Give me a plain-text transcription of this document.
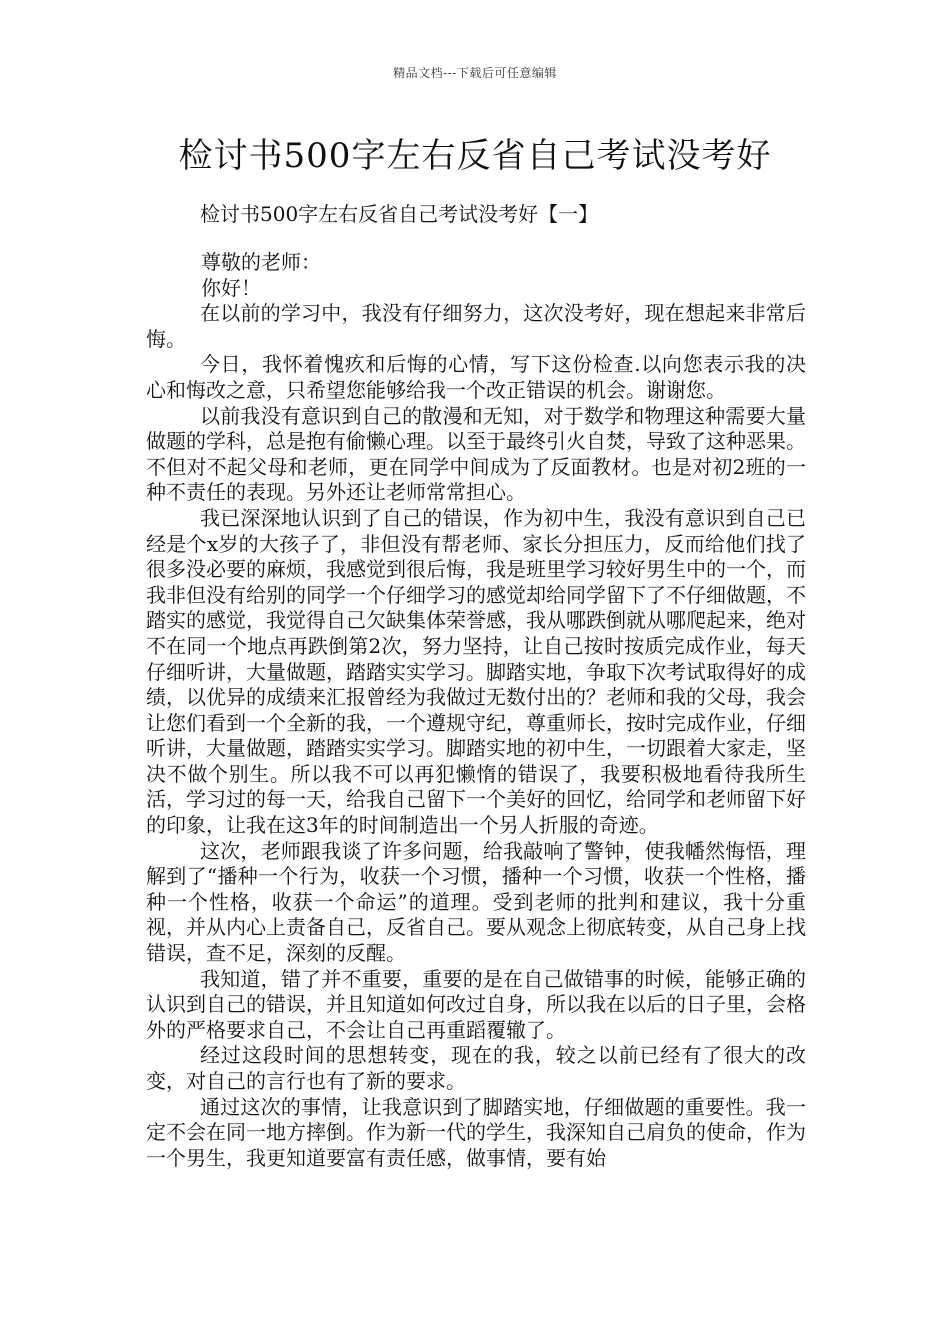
精品文档---下载后可任意编辑
检讨书500字左右反省自己考试没考好
检讨书500字左右反省自己考试没考好【一】

尊敬的老师：

你好！

在以前的学习中，我没有仔细努力，这次没考好，现在想起来非常后悔。

今日，我怀着愧疚和后悔的心情，写下这份检查.以向您表示我的决心和悔改之意，只希望您能够给我一个改正错误的机会。谢谢您。

以前我没有意识到自己的散漫和无知，对于数学和物理这种需要大量做题的学科，总是抱有偷懒心理。以至于最终引火自焚，导致了这种恶果。不但对不起父母和老师，更在同学中间成为了反面教材。也是对初2班的一种不责任的表现。另外还让老师常常担心。

我已深深地认识到了自己的错误，作为初中生，我没有意识到自己已经是个x岁的大孩子了，非但没有帮老师、家长分担压力，反而给他们找了很多没必要的麻烦，我感觉到很后悔，我是班里学习较好男生中的一个，而我非但没有给别的同学一个仔细学习的感觉却给同学留下了不仔细做题，不踏实的感觉，我觉得自己欠缺集体荣誉感，我从哪跌倒就从哪爬起来，绝对不在同一个地点再跌倒第2次，努力坚持，让自己按时按质完成作业，每天仔细听讲，大量做题，踏踏实实学习。脚踏实地，争取下次考试取得好的成绩，以优异的成绩来汇报曾经为我做过无数付出的？老师和我的父母，我会让您们看到一个全新的我，一个遵规守纪，尊重师长，按时完成作业，仔细听讲，大量做题，踏踏实实学习。脚踏实地的初中生，一切跟着大家走，坚决不做个别生。所以我不可以再犯懒惰的错误了，我要积极地看待我所生活，学习过的每一天，给我自己留下一个美好的回忆，给同学和老师留下好的印象，让我在这3年的时间制造出一个另人折服的奇迹。

这次，老师跟我谈了许多问题，给我敲响了警钟，使我幡然悔悟，理解到了“播种一个行为，收获一个习惯，播种一个习惯，收获一个性格，播种一个性格，收获一个命运”的道理。受到老师的批判和建议，我十分重视，并从内心上责备自己，反省自己。要从观念上彻底转变，从自己身上找错误，查不足，深刻的反醒。

我知道，错了并不重要，重要的是在自己做错事的时候，能够正确的认识到自己的错误，并且知道如何改过自身，所以我在以后的日子里，会格外的严格要求自己，不会让自己再重蹈覆辙了。

经过这段时间的思想转变，现在的我，较之以前已经有了很大的改变，对自己的言行也有了新的要求。

通过这次的事情，让我意识到了脚踏实地，仔细做题的重要性。我一定不会在同一地方摔倒。作为新一代的学生，我深知自己肩负的使命，作为一个男生，我更知道要富有责任感，做事情，要有始
